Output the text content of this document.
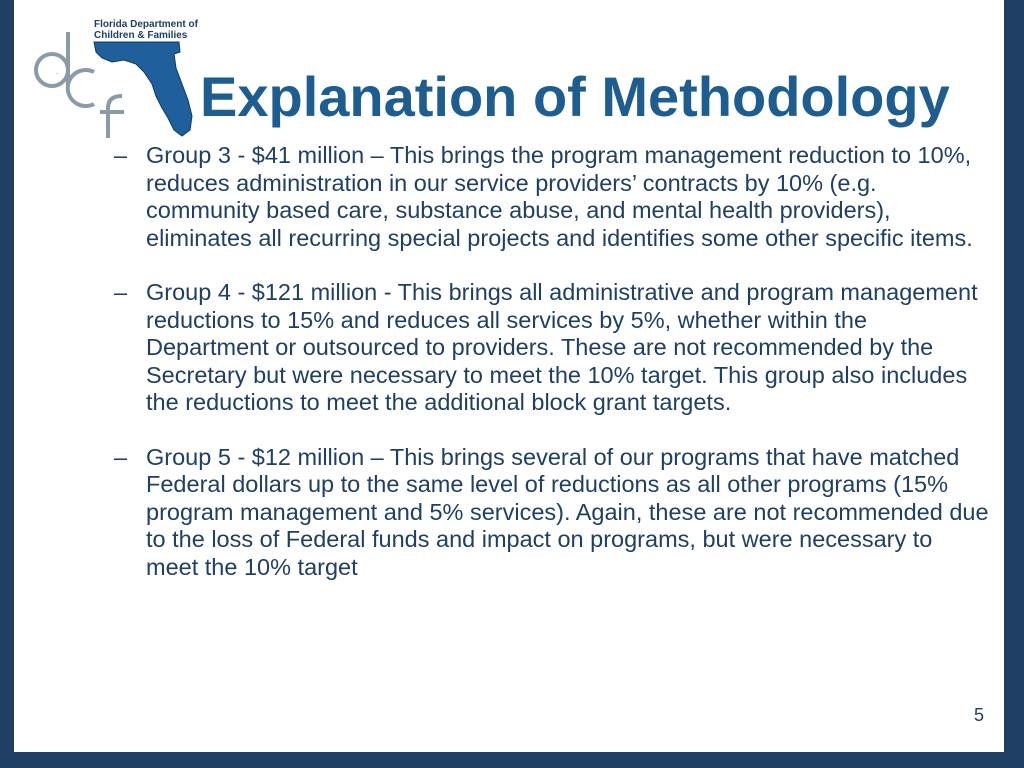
dcf
Florida Department of
Children & Families
Explanation of Methodology
– Group 3 - $41 million – This brings the program management reduction to 10%, reduces administration in our service providers’ contracts by 10% (e.g. community based care, substance abuse, and mental health providers), eliminates all recurring special projects and identifies some other specific items.
– Group 4 - $121 million - This brings all administrative and program management reductions to 15% and reduces all services by 5%, whether within the Department or outsourced to providers. These are not recommended by the Secretary but were necessary to meet the 10% target. This group also includes the reductions to meet the additional block grant targets.
– Group 5 - $12 million – This brings several of our programs that have matched Federal dollars up to the same level of reductions as all other programs (15% program management and 5% services). Again, these are not recommended due to the loss of Federal funds and impact on programs, but were necessary to meet the 10% target
5
